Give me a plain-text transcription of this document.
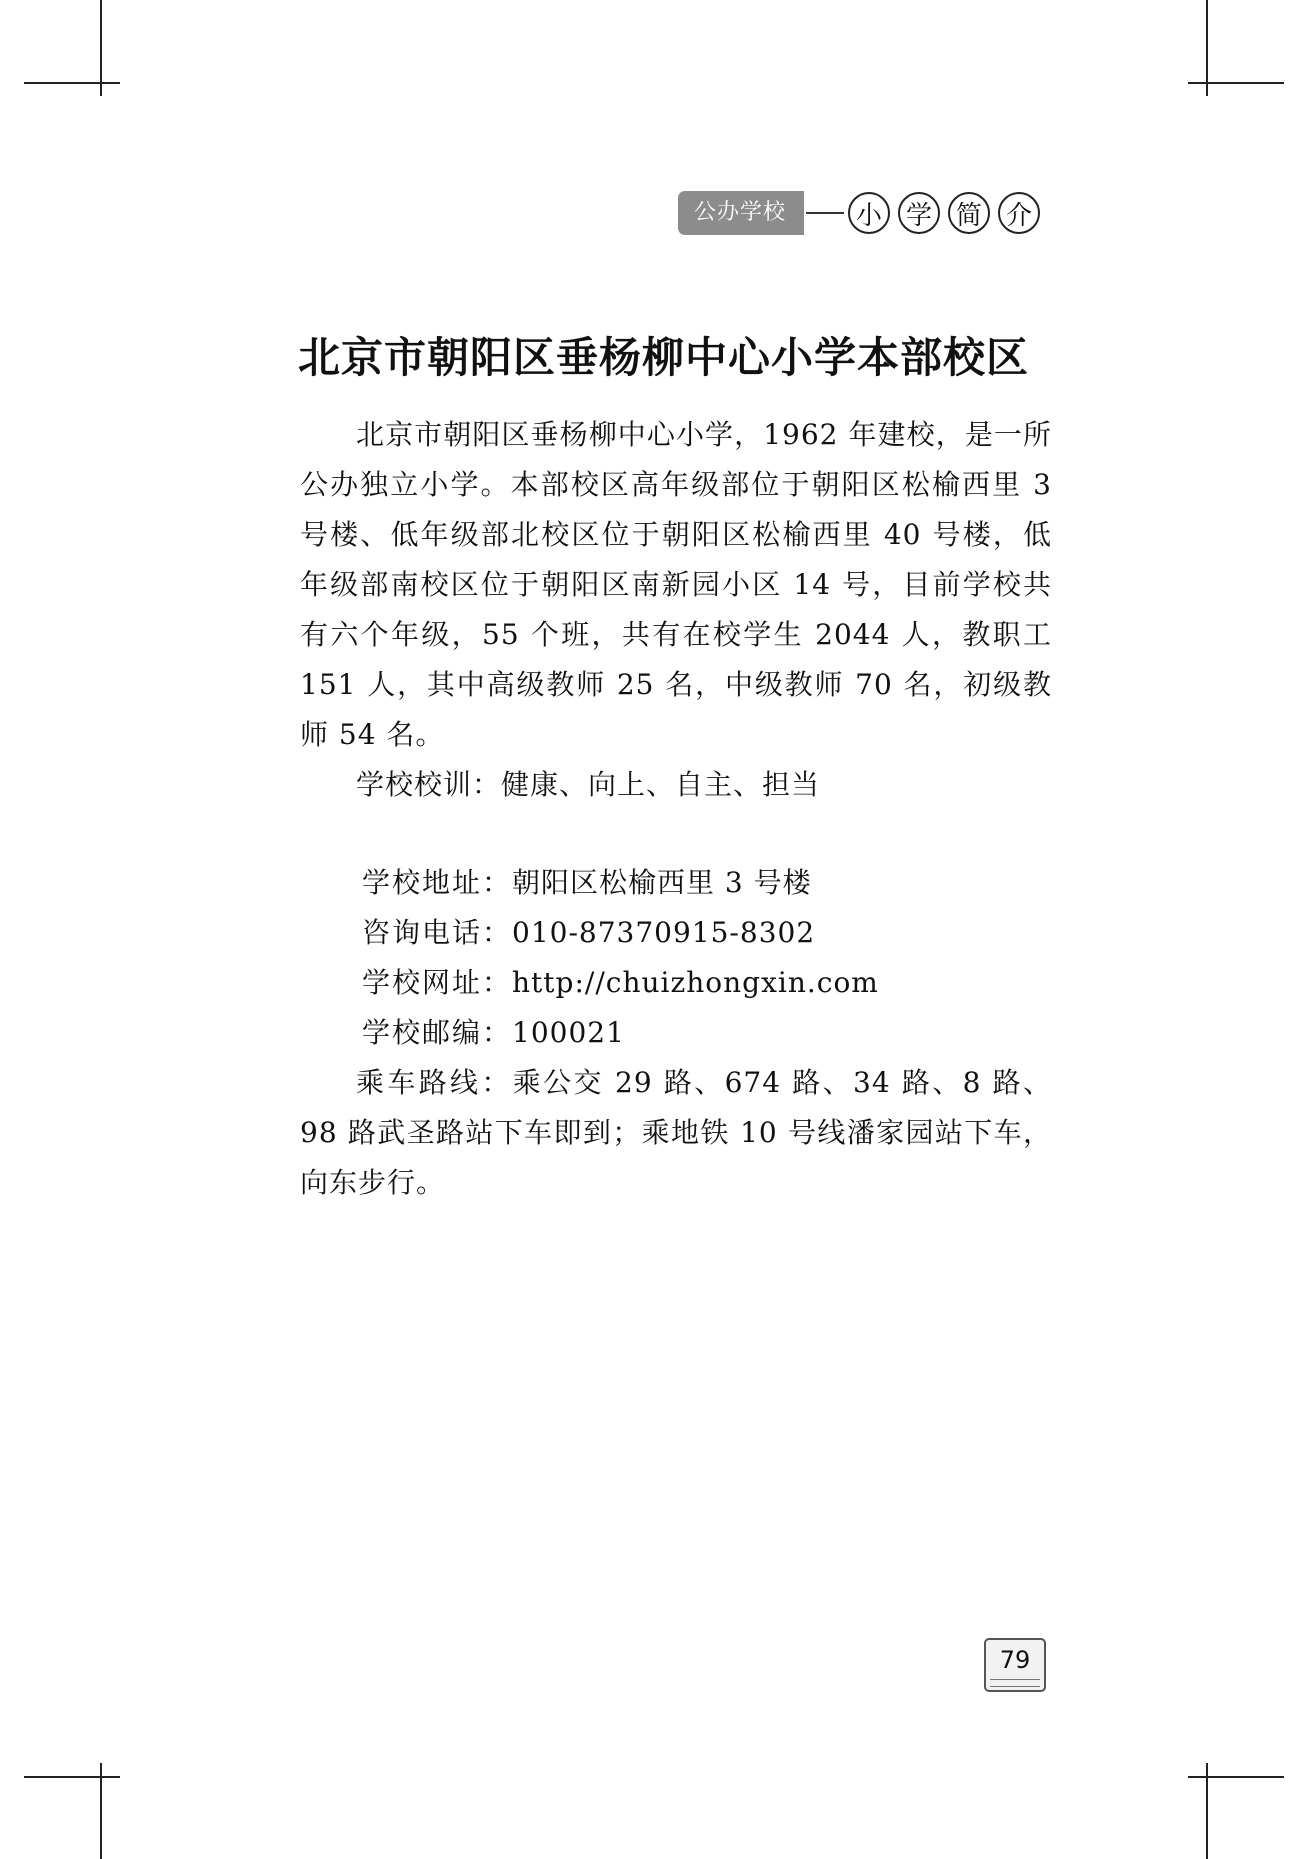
公办学校	小 学 简 介
北京市朝阳区垂杨柳中心小学本部校区

北京市朝阳区垂杨柳中心小学，1962 年建校，是一所公办独立小学。本部校区高年级部位于朝阳区松榆西里 3 号楼、低年级部北校区位于朝阳区松榆西里 40 号楼，低年级部南校区位于朝阳区南新园小区 14 号，目前学校共有六个年级，55 个班，共有在校学生 2044 人，教职工 151 人，其中高级教师 25 名，中级教师 70 名，初级教师 54 名。

学校校训：健康、向上、自主、担当

学校地址：朝阳区松榆西里 3 号楼
咨询电话：010-87370915-8302
学校网址：http://chuizhongxin.com
学校邮编：100021

乘车路线：乘公交 29 路、674 路、34 路、8 路、98 路武圣路站下车即到；乘地铁 10 号线潘家园站下车，向东步行。

79
